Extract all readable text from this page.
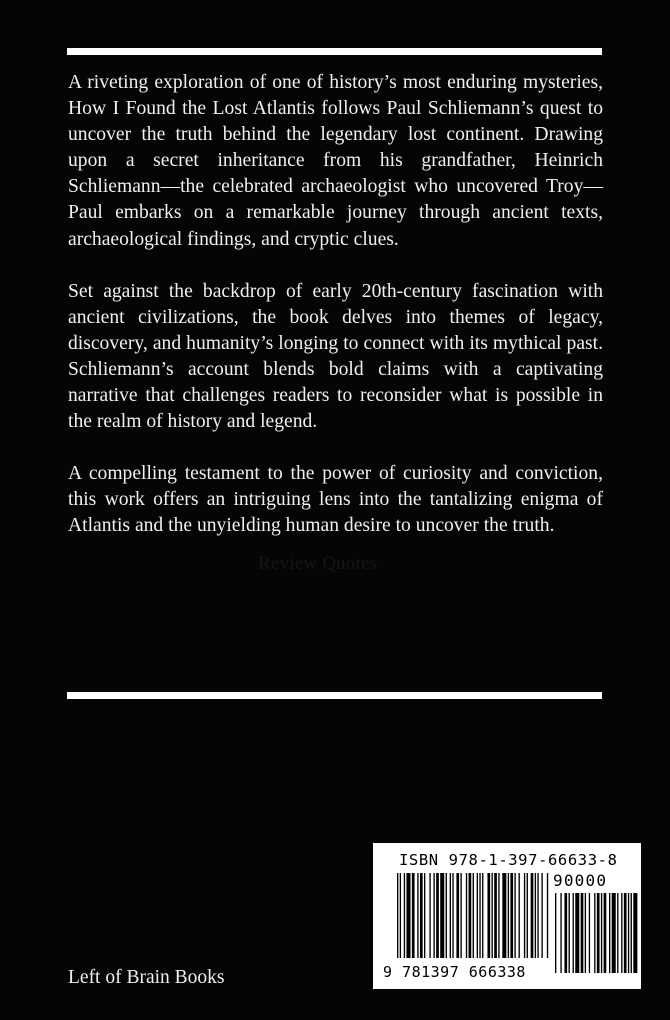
A riveting exploration of one of history’s most enduring mysteries, How I Found the Lost Atlantis follows Paul Schliemann’s quest to uncover the truth behind the legendary lost continent. Drawing upon a secret inheritance from his grandfather, Heinrich Schliemann—the celebrated archaeologist who uncovered Troy—Paul embarks on a remarkable journey through ancient texts, archaeological findings, and cryptic clues.

Set against the backdrop of early 20th-century fascination with ancient civilizations, the book delves into themes of legacy, discovery, and humanity’s longing to connect with its mythical past. Schliemann’s account blends bold claims with a captivating narrative that challenges readers to reconsider what is possible in the realm of history and legend.

A compelling testament to the power of curiosity and conviction, this work offers an intriguing lens into the tantalizing enigma of Atlantis and the unyielding human desire to uncover the truth.

Review Quotes
Left of Brain Books
ISBN 978-1-397-66633-8
90000
9 781397 666338
